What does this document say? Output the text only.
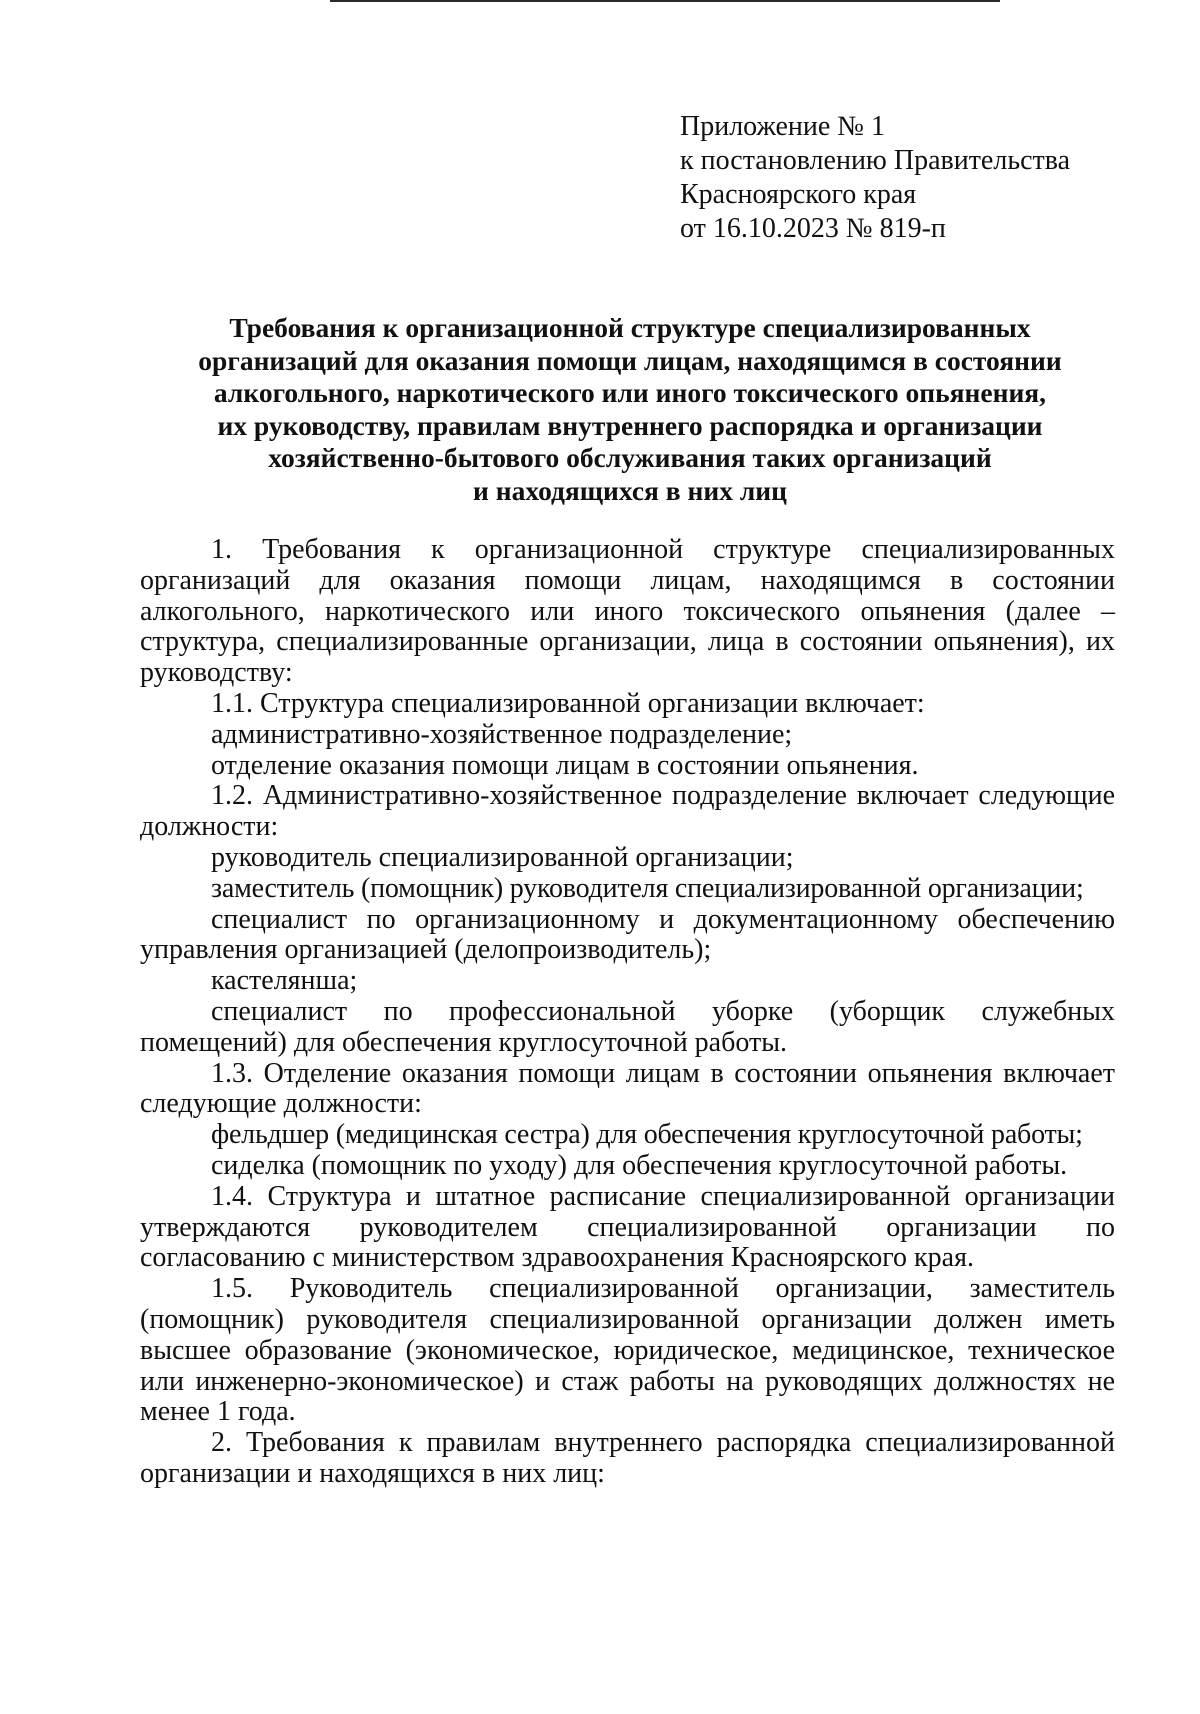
Приложение № 1
к постановлению Правительства
Красноярского края
от 16.10.2023 № 819-п
Требования к организационной структуре специализированных
организаций для оказания помощи лицам, находящимся в состоянии
алкогольного, наркотического или иного токсического опьянения,
их руководству, правилам внутреннего распорядка и организации
хозяйственно-бытового обслуживания таких организаций
и находящихся в них лиц

1. Требования к организационной структуре специализированных организаций для оказания помощи лицам, находящимся в состоянии алкогольного, наркотического или иного токсического опьянения (далее – структура, специализированные организации, лица в состоянии опьянения), их руководству:

1.1. Структура специализированной организации включает:

административно-хозяйственное подразделение;

отделение оказания помощи лицам в состоянии опьянения.

1.2. Административно-хозяйственное подразделение включает следующие должности:

руководитель специализированной организации;

заместитель (помощник) руководителя специализированной организации;

специалист по организационному и документационному обеспечению управления организацией (делопроизводитель);

кастелянша;

специалист по профессиональной уборке (уборщик служебных помещений) для обеспечения круглосуточной работы.

1.3. Отделение оказания помощи лицам в состоянии опьянения включает следующие должности:

фельдшер (медицинская сестра) для обеспечения круглосуточной работы;

сиделка (помощник по уходу) для обеспечения круглосуточной работы.

1.4. Структура и штатное расписание специализированной организации утверждаются руководителем специализированной организации по согласованию с министерством здравоохранения Красноярского края.

1.5. Руководитель специализированной организации, заместитель (помощник) руководителя специализированной организации должен иметь высшее образование (экономическое, юридическое, медицинское, техническое или инженерно-экономическое) и стаж работы на руководящих должностях не менее 1 года.

2. Требования к правилам внутреннего распорядка специализированной организации и находящихся в них лиц:
